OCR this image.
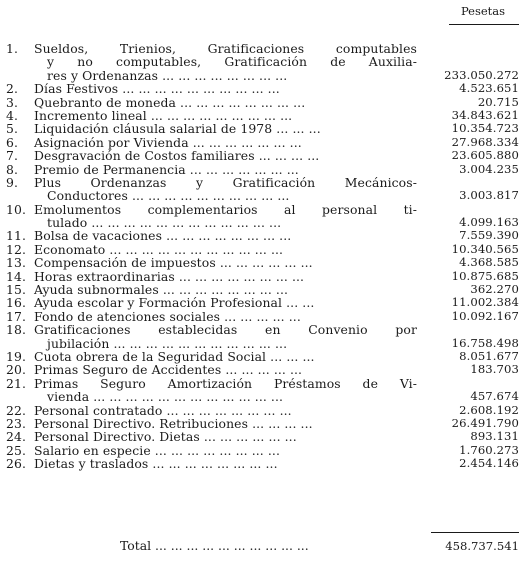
Pesetas
1.	Sueldos, Trienios, Gratificaciones computables
y no computables, Gratificación de Auxilia-
res y Ordenanzas ... ... ... ... ... ... ... ...	233.050.272
2.	Días Festivos ... ... ... ... ... ... ... ... ... ...	4.523.651
3.	Quebranto de moneda ... ... ... ... ... ... ... ...	20.715
4.	Incremento lineal ... ... ... ... ... ... ... ... ...	34.843.621
5.	Liquidación cláusula salarial de 1978 ... ... ...	10.354.723
6.	Asignación por Vivienda ... ... ... ... ... ... ...	27.968.334
7.	Desgravación de Costos familiares ... ... ... ...	23.605.880
8.	Premio de Permanencia ... ... ... ... ... ... ...	3.004.235
9.	Plus Ordenanzas y Gratificación Mecánicos-
Conductores ... ... ... ... ... ... ... ... ... ...	3.003.817
10. Emolumentos complementarios al personal ti-
tulado ... ... ... ... ... ... ... ... ... ... ... ...	4.099.163
11. Bolsa de vacaciones ... ... ... ... ... ... ... ...	7.559.390
12. Economato ... ... ... ... ... ... ... ... ... ... ...	10.340.565
13. Compensación de impuestos ... ... ... ... ... ...	4.368.585
14. Horas extraordinarias ... ... ... ... ... ... ... ...	10.875.685
15. Ayuda subnormales ... ... ... ... ... ... ... ...	362.270
16. Ayuda escolar y Formación Profesional ... ...	11.002.384
17. Fondo de atenciones sociales ... ... ... ... ...	10.092.167
18. Gratificaciones establecidas en Convenio por
jubilación ... ... ... ... ... ... ... ... ... ... ...	16.758.498
19. Cuota obrera de la Seguridad Social ... ... ...	8.051.677
20. Primas Seguro de Accidentes ... ... ... ... ...	183.703
21. Primas Seguro Amortización Préstamos de Vi-
vienda ... ... ... ... ... ... ... ... ... ... ... ...	457.674
22. Personal contratado ... ... ... ... ... ... ... ...	2.608.192
23. Personal Directivo. Retribuciones ... ... ... ...	26.491.790
24. Personal Directivo. Dietas ... ... ... ... ... ...	893.131
25. Salario en especie ... ... ... ... ... ... ... ...	1.760.273
26. Dietas y traslados ... ... ... ... ... ... ... ...	2.454.146
Total ... ... ... ... ... ... ... ... ... ...	458.737.541
